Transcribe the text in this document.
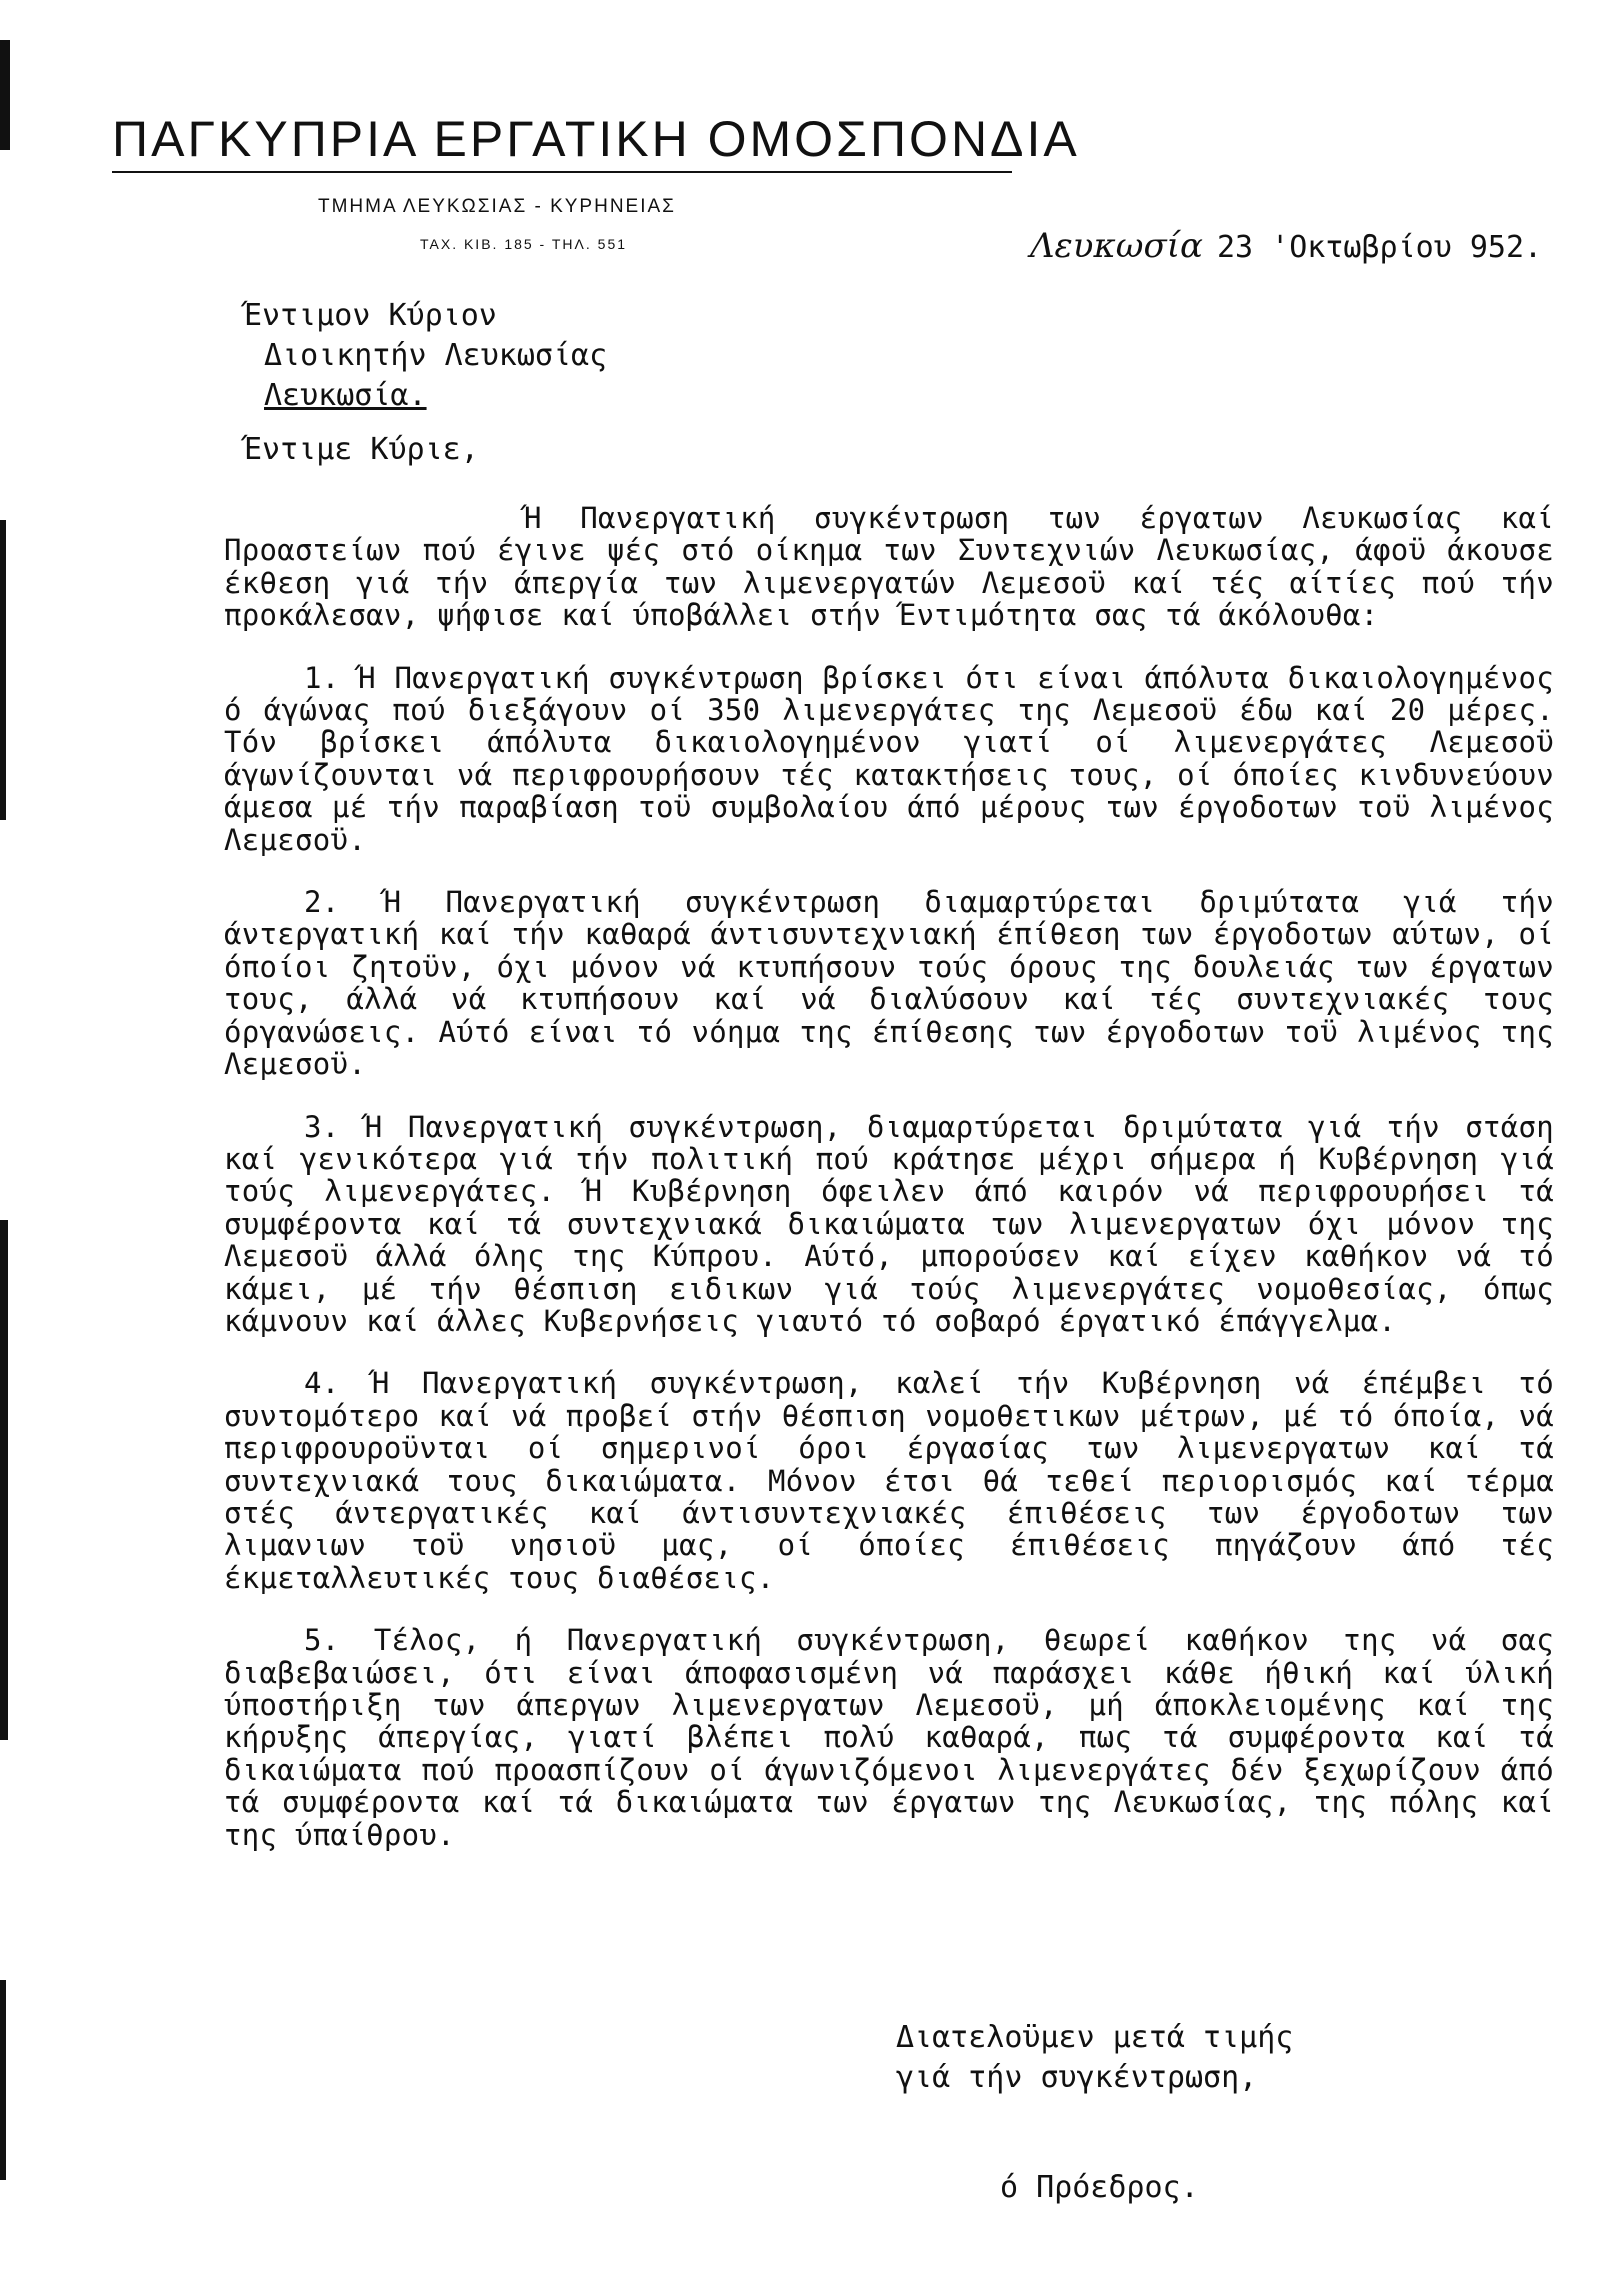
ΠΑΓΚΥΠΡΙΑ ΕΡΓΑΤΙΚΗ ΟΜΟΣΠΟΝΔΙΑ
ΤΜΗΜΑ ΛΕΥΚΩΣΙΑΣ - ΚΥΡΗΝΕΙΑΣ
ΤΑΧ. ΚΙΒ. 185 - ΤΗΛ. 551	Λευκωσία 23 'Οκτωβρίου 952.
Έντιμον Κύριον
Διοικητήν Λευκωσίας
Λευκωσία.
Έντιμε Κύριε,

Ή Πανεργατική συγκέντρωση των έργατων Λευκωσίας καί Προαστείων πού έγινε ψές στό οίκημα των Συντεχνιών Λευκωσίας, άφοϋ άκουσε έκθεση γιά τήν άπεργία των λιμενεργατών Λεμεσοϋ καί τές αίτίες πού τήν προκάλεσαν, ψήφισε καί ύποβάλλει στήν Έντιμότητα σας τά άκόλουθα:

1. Ή Πανεργατική συγκέντρωση βρίσκει ότι είναι άπόλυτα δικαιολογημένος ό άγώνας πού διεξάγουν οί 350 λιμενεργάτες της Λεμεσοϋ έδω καί 20 μέρες. Τόν βρίσκει άπόλυτα δικαιολογημένον γιατί οί λιμενεργάτες Λεμεσοϋ άγωνίζουνται νά περιφρουρήσουν τές κατακτήσεις τους, οί όποίες κινδυνεύουν άμεσα μέ τήν παραβίαση τοϋ συμβολαίου άπό μέρους των έργοδοτων τοϋ λιμένος Λεμεσοϋ.

2. Ή Πανεργατική συγκέντρωση διαμαρτύρεται δριμύτατα γιά τήν άντεργατική καί τήν καθαρά άντισυντεχνιακή έπίθεση των έργοδοτων αύτων, οί όποίοι ζητοϋν, όχι μόνον νά κτυπήσουν τούς όρους της δουλειάς των έργατων τους, άλλά νά κτυπήσουν καί νά διαλύσουν καί τές συντεχνιακές τους όργανώσεις. Αύτό είναι τό νόημα της έπίθεσης των έργοδοτων τοϋ λιμένος της Λεμεσοϋ.

3. Ή Πανεργατική συγκέντρωση, διαμαρτύρεται δριμύτατα γιά τήν στάση καί γενικότερα γιά τήν πολιτική πού κράτησε μέχρι σήμερα ή Κυβέρνηση γιά τούς λιμενεργάτες. Ή Κυβέρνηση όφειλεν άπό καιρόν νά περιφρουρήσει τά συμφέροντα καί τά συντεχνιακά δικαιώματα των λιμενεργατων όχι μόνον της Λεμεσοϋ άλλά όλης της Κύπρου. Αύτό, μπορούσεν καί είχεν καθήκον νά τό κάμει, μέ τήν θέσπιση ειδικων γιά τούς λιμενεργάτες νομοθεσίας, όπως κάμνουν καί άλλες Κυβερνήσεις γιαυτό τό σοβαρό έργατικό έπάγγελμα.

4. Ή Πανεργατική συγκέντρωση, καλεί τήν Κυβέρνηση νά έπέμβει τό συντομότερο καί νά προβεί στήν θέσπιση νομοθετικων μέτρων, μέ τό όποία, νά περιφρουροϋνται οί σημερινοί όροι έργασίας των λιμενεργατων καί τά συντεχνιακά τους δικαιώματα. Μόνον έτσι θά τεθεί περιορισμός καί τέρμα στές άντεργατικές καί άντισυντεχνιακές έπιθέσεις των έργοδοτων των λιμανιων τοϋ νησιοϋ μας, οί όποίες έπιθέσεις πηγάζουν άπό τές έκμεταλλευτικές τους διαθέσεις.

5. Τέλος, ή Πανεργατική συγκέντρωση, θεωρεί καθήκον της νά σας διαβεβαιώσει, ότι είναι άποφασισμένη νά παράσχει κάθε ήθική καί ύλική ύποστήριξη των άπεργων λιμενεργατων Λεμεσοϋ, μή άποκλειομένης καί της κήρυξης άπεργίας, γιατί βλέπει πολύ καθαρά, πως τά συμφέροντα καί τά δικαιώματα πού προασπίζουν οί άγωνιζόμενοι λιμενεργάτες δέν ξεχωρίζουν άπό τά συμφέροντα καί τά δικαιώματα των έργατων της Λευκωσίας, της πόλης καί της ύπαίθρου.

Διατελοϋμεν μετά τιμής
γιά τήν συγκέντρωση,
ό Πρόεδρος.
